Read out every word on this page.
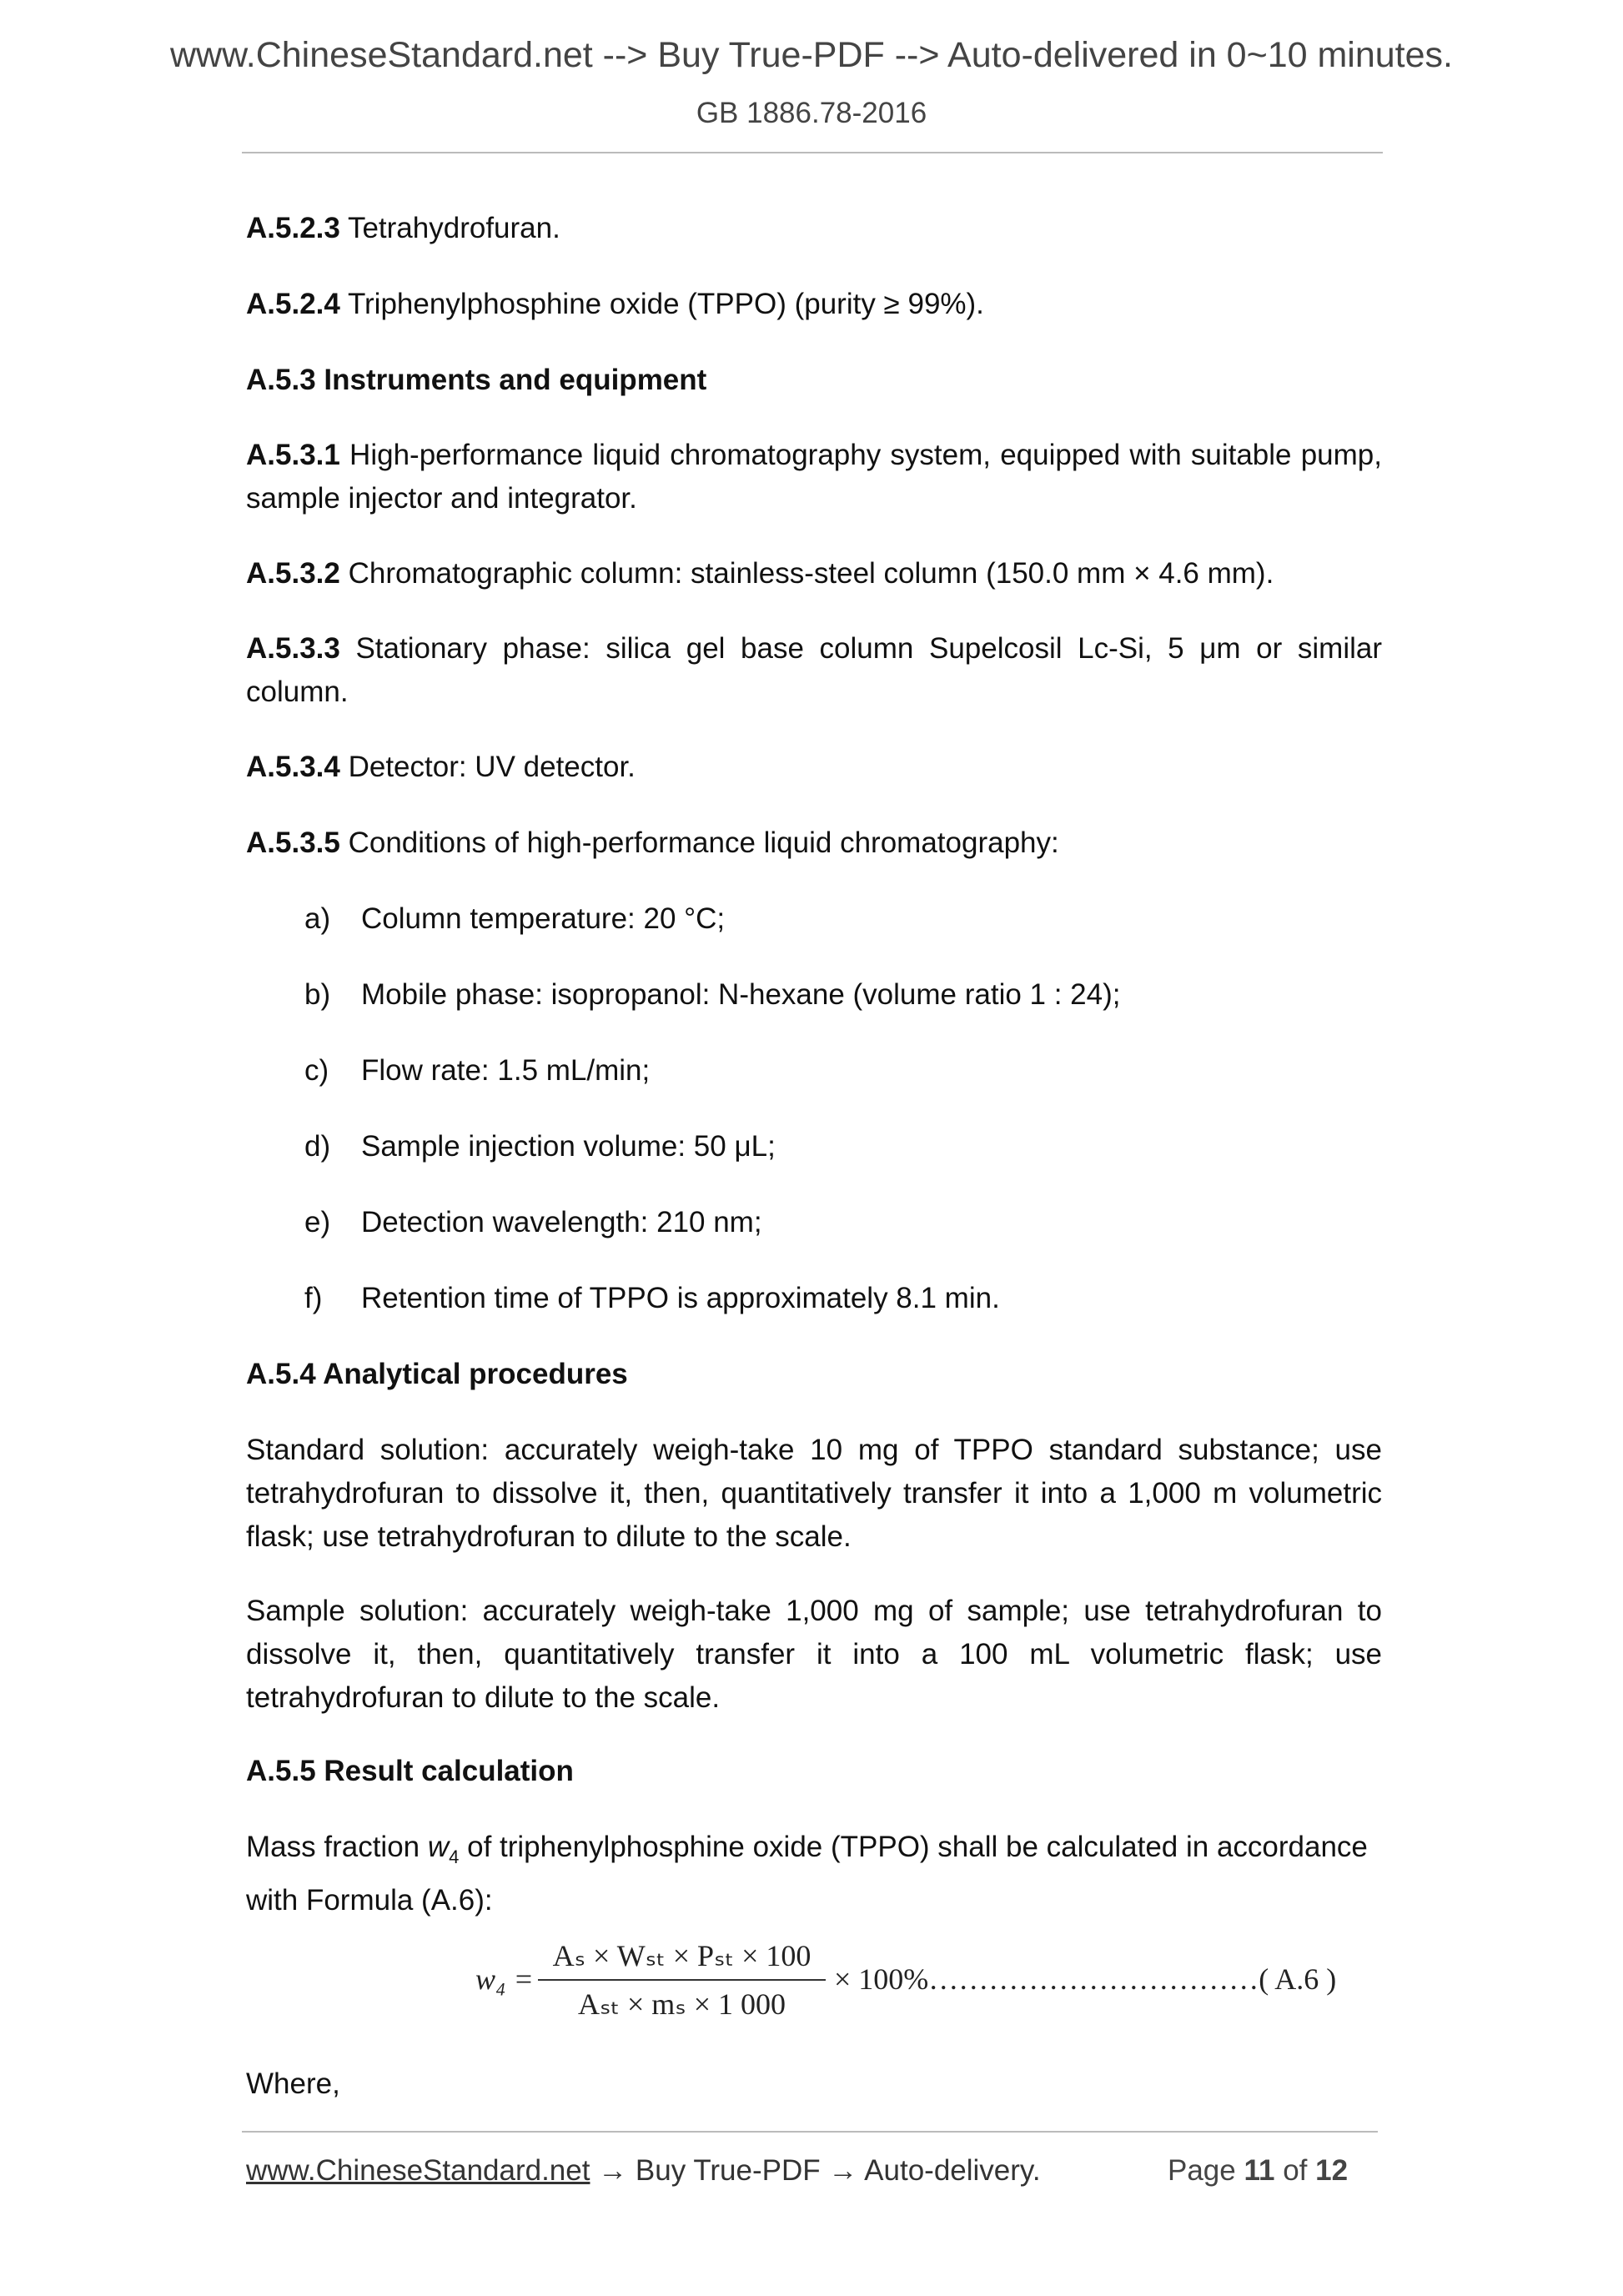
www.ChineseStandard.net --> Buy True-PDF --> Auto-delivered in 0~10 minutes.
GB 1886.78-2016

A.5.2.3 Tetrahydrofuran.

A.5.2.4 Triphenylphosphine oxide (TPPO) (purity ≥ 99%).

A.5.3 Instruments and equipment

A.5.3.1 High-performance liquid chromatography system, equipped with suitable pump, sample injector and integrator.

A.5.3.2 Chromatographic column: stainless-steel column (150.0 mm × 4.6 mm).

A.5.3.3 Stationary phase: silica gel base column Supelcosil Lc-Si, 5 μm or similar column.

A.5.3.4 Detector: UV detector.

A.5.3.5 Conditions of high-performance liquid chromatography:

a) Column temperature: 20 °C;
b) Mobile phase: isopropanol: N-hexane (volume ratio 1 : 24);
c) Flow rate: 1.5 mL/min;
d) Sample injection volume: 50 μL;
e) Detection wavelength: 210 nm;
f) Retention time of TPPO is approximately 8.1 min.

A.5.4 Analytical procedures

Standard solution: accurately weigh-take 10 mg of TPPO standard substance; use tetrahydrofuran to dissolve it, then, quantitatively transfer it into a 1,000 m volumetric flask; use tetrahydrofuran to dilute to the scale.

Sample solution: accurately weigh-take 1,000 mg of sample; use tetrahydrofuran to dissolve it, then, quantitatively transfer it into a 100 mL volumetric flask; use tetrahydrofuran to dilute to the scale.

A.5.5 Result calculation

Mass fraction $w_4$ of triphenylphosphine oxide (TPPO) shall be calculated in accordance with Formula (A.6):

Where,

w₄ =
Aₛ × Wₛₜ × Pₛₜ × 100
Aₛₜ × mₛ × 1 000
× 100%……………………………( A.6 )
www.ChineseStandard.net → Buy True-PDF → Auto-delivery.	Page 11 of 12
